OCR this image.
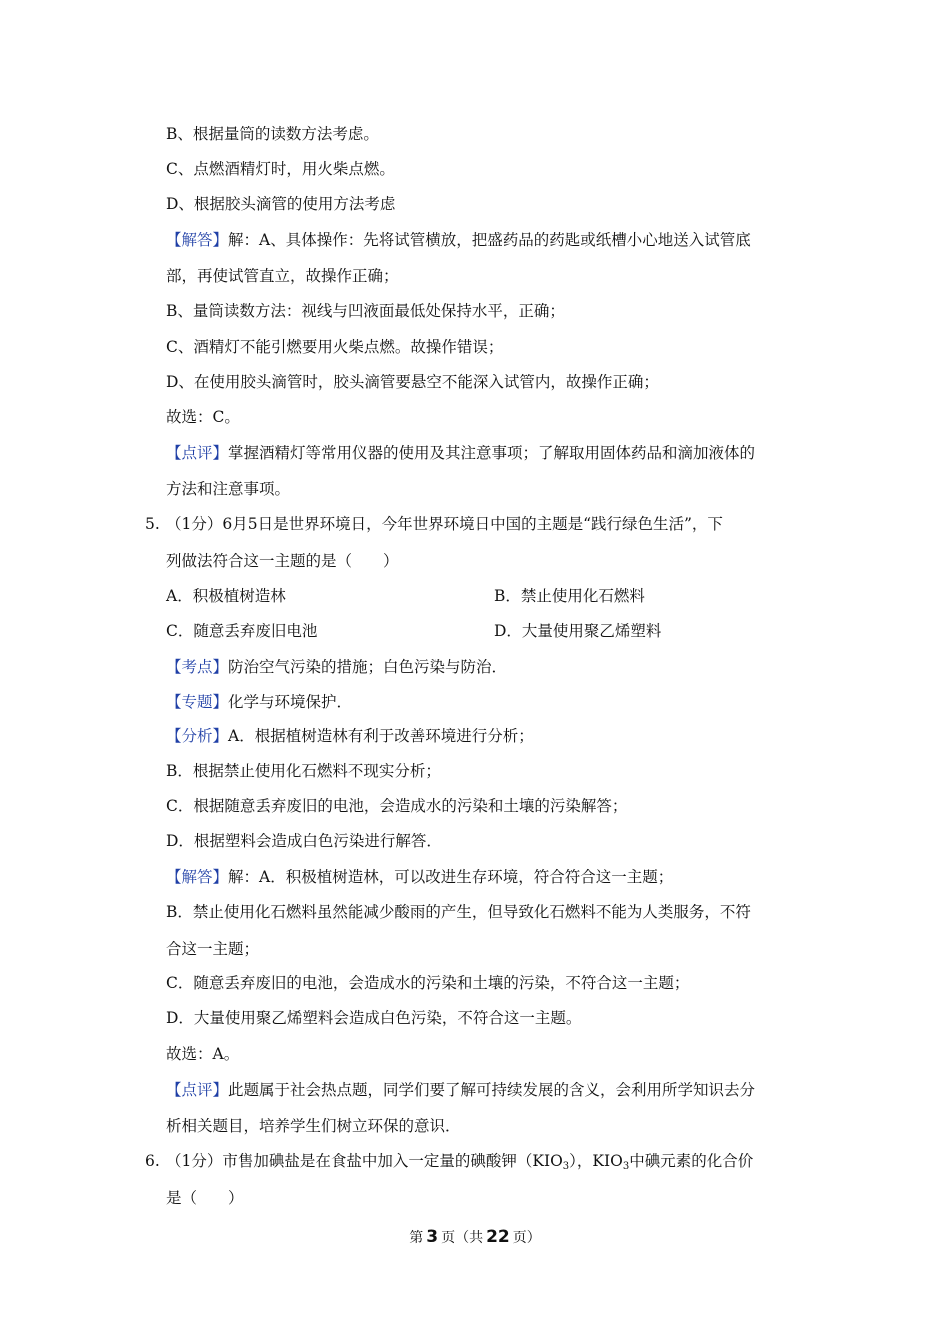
B、根据量筒的读数方法考虑。
C、点燃酒精灯时，用火柴点燃。
D、根据胶头滴管的使用方法考虑
【解答】解：A、具体操作：先将试管横放，把盛药品的药匙或纸槽小心地送入试管底
部，再使试管直立，故操作正确；
B、量筒读数方法：视线与凹液面最低处保持水平，正确；
C、酒精灯不能引燃要用火柴点燃。故操作错误；
D、在使用胶头滴管时，胶头滴管要悬空不能深入试管内，故操作正确；
故选：C。
【点评】掌握酒精灯等常用仪器的使用及其注意事项；了解取用固体药品和滴加液体的
方法和注意事项。
5. （1分）6月5日是世界环境日，今年世界环境日中国的主题是“践行绿色生活”，下
列做法符合这一主题的是（　　）
A．积极植树造林	B．禁止使用化石燃料
C．随意丢弃废旧电池	D．大量使用聚乙烯塑料
【考点】防治空气污染的措施；白色污染与防治．
【专题】化学与环境保护．
【分析】A．根据植树造林有利于改善环境进行分析；
B．根据禁止使用化石燃料不现实分析；
C．根据随意丢弃废旧的电池，会造成水的污染和土壤的污染解答；
D．根据塑料会造成白色污染进行解答．
【解答】解：A．积极植树造林，可以改进生存环境，符合符合这一主题；
B．禁止使用化石燃料虽然能减少酸雨的产生，但导致化石燃料不能为人类服务，不符
合这一主题；
C．随意丢弃废旧的电池，会造成水的污染和土壤的污染，不符合这一主题；
D．大量使用聚乙烯塑料会造成白色污染，不符合这一主题。
故选：A。
【点评】此题属于社会热点题，同学们要了解可持续发展的含义，会利用所学知识去分
析相关题目，培养学生们树立环保的意识．
6. （1分）市售加碘盐是在食盐中加入一定量的碘酸钾$(KIO_3)$，$KIO_3$中碘元素的化合价
是（　　）
第 3 页（共 22 页）
